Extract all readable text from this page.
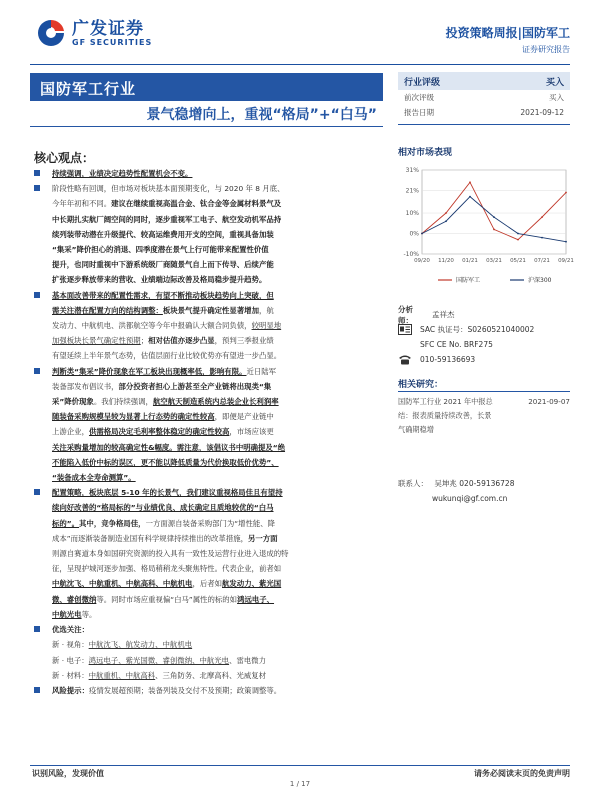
广发证券
GF SECURITIES
投资策略周报|国防军工
证券研究报告
国防军工行业
景气稳增向上，重视“格局”+“白马”
核心观点：
持续强调，业绩决定趋势性配置机会不变。
阶段性略有回调，但市场对板块基本面预期变化，与 2020 年 8 月底、
今年年初和不同。建议在继续重视高温合金、钛合金等金属材料景气及
中长期扎实航厂阔空间的同时，逐步重视军工电子、航空发动机军品持
续列装带动潜在升级提代、较高运维费用开支的空间，重视具备加装
“集采”降价担心的消退、四季度潜在景气上行可能带来配置性价值
提升，也同时重视中下游系统级厂商随景气自上而下传导、后续产能
扩张逐步释放带来的营收、业绩端边际改善及格局稳步提升趋势。
基本面改善带来的配置性需求，有望不断推动板块趋势向上突破，但
需关注潜在配置方向的结构调整：板块景气提升确定性显著增加，航
发动力、中航机电、洪都航空等今年中报确认大额合同负债，较明显地
加强板块长景气确定性预期；相对估值亦逐步凸显，预判三季报业绩
有望延续上半年景气态势，估值层面行业比较优势亦有望进一步凸显。
判断类“集采”降价现象在军工板块出现概率低，影响有限。近日陆军
装备部发布倡议书，部分投资者担心上游甚至全产业链将出现类“集
采”降价现象。我们持续强调，航空航天制造系统内总装企业长利润率
随装备采购规模呈较为显著上行态势的确定性较高，即便是产业链中
上游企业，供需格局决定毛利率整体稳定的确定性较高，市场应该更
关注采购量增加的较高确定性&幅度。需注意，该倡议书中明确提及“绝
不能陷入低价中标的误区，更不能以降低质量为代价换取低价优势”、
“装备成本全寿命测算”。
配置策略，板块底层 5-10 年的长景气，我们建议重视格局佳且有望持
续向好改善的“格局标的”与业绩优良、成长确定且质地较优的“白马
标的”。其中，竞争格局佳，一方面源自装备采购部门为“增性能、降
成本”而逐渐装备制造业国有科学规律持续推出的改革措施，另一方面
则源自赛道本身如国研究资源的投入具有一致性及运营行业进入退成的特
征，呈现护城河逐步加强、格局稍稍龙头聚焦特性。代表企业，前者如
中航沈飞、中航重机、中航高科、中航机电，后者如航发动力、紫光国
微、睿创微纳等。同时市场应重视偏“白马”属性的标的如鸿远电子、
中航光电等。
优选关注：
新 · 视角：中航沈飞、航发动力、中航机电
新 · 电子：鸿远电子、紫光国微、睿创微纳、中航光电、雷电微力
新 · 材料：中航重机、中航高科、三角防务、北摩高科、光威复材
风险提示：疫情发展超预期；装备列装及交付不及预期；政策调整等。
行业评级	买入
前次评级	买入
报告日期	2021-09-12
相对市场表现
31%
21%
10%
0%
-10%
09/20 11/20 01/21 03/21 05/21 07/21 09/21
国防军工	沪深300
分析师：
孟祥杰
SAC 执证号：S0260521040002
SFC CE No. BRF275
010-59136693
相关研究：
国防军工行业 2021 年中报总	2021-09-07
结：报表质量持续改善，长景
气确期稳增
联系人： 吴坤兆 020-59136728
wukunqi@gf.com.cn
识别风险，发现价值	请务必阅读末页的免责声明
1 / 17
